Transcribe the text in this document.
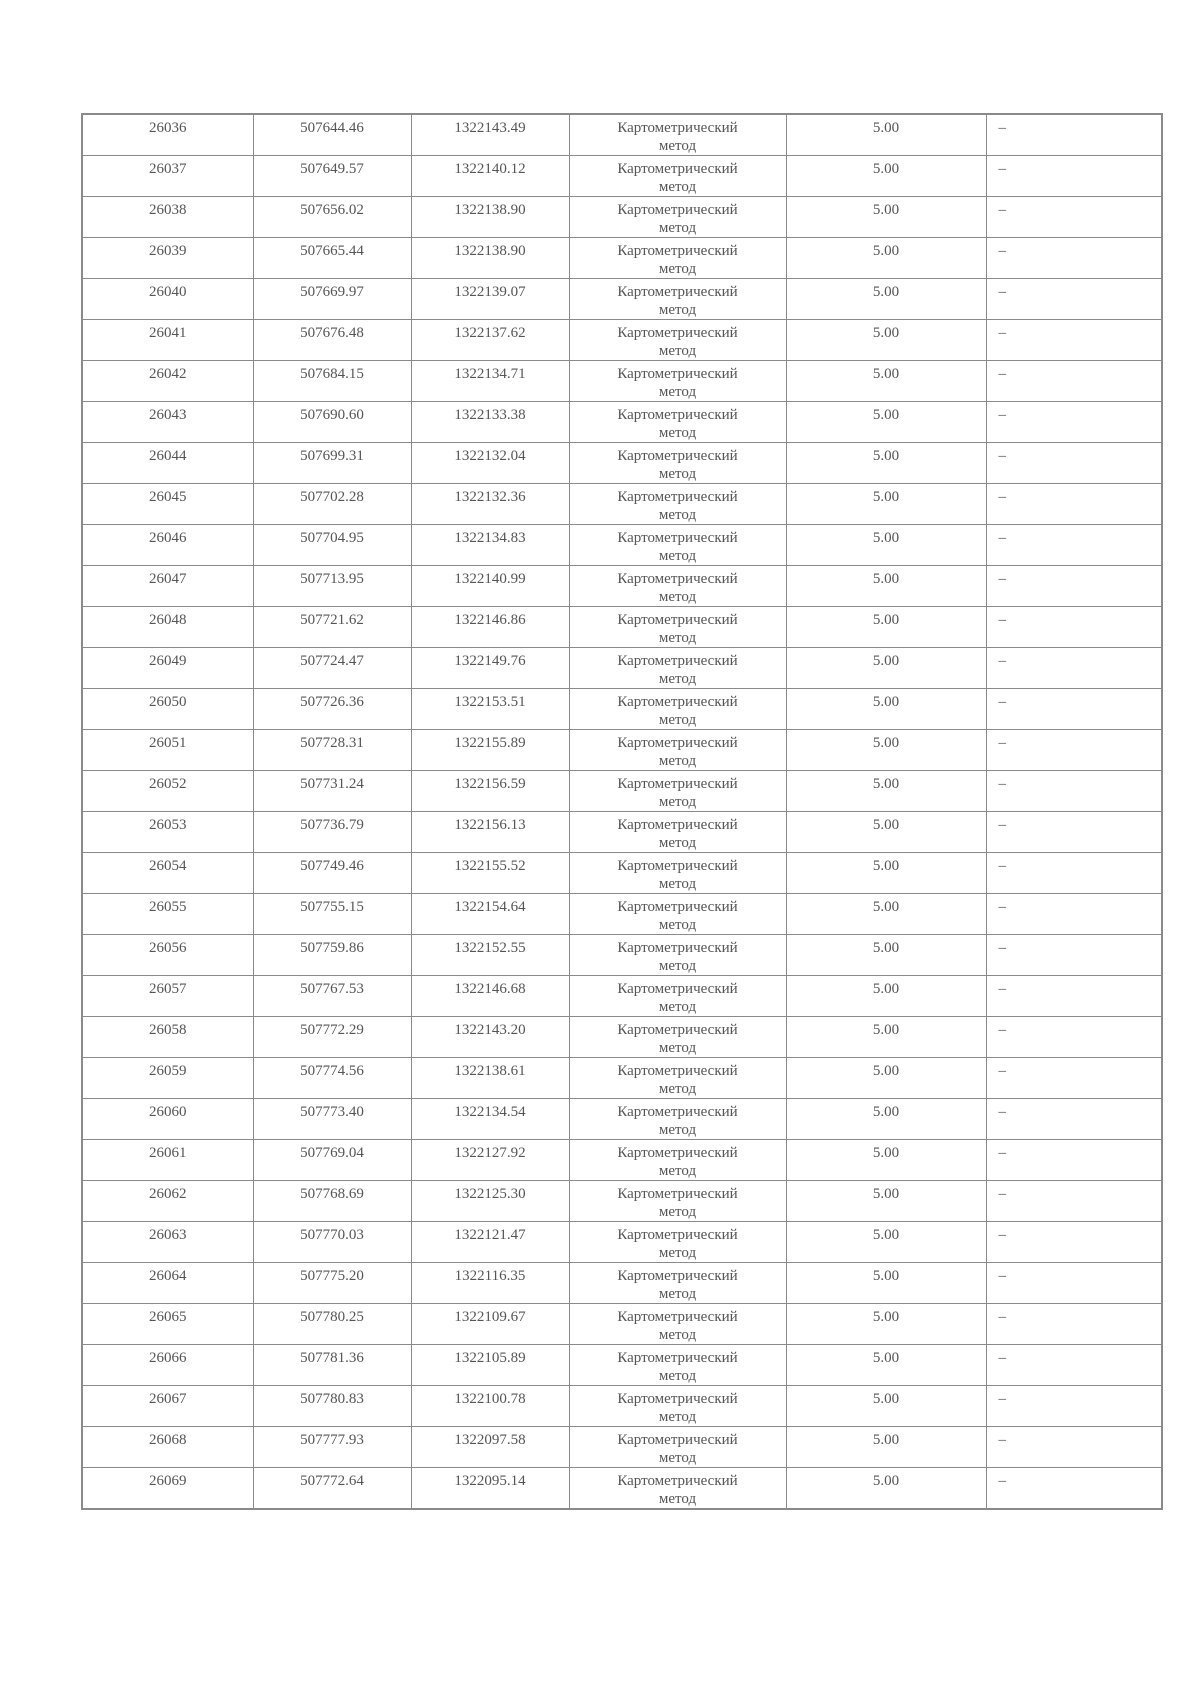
26036	507644.46	1322143.49	Картометрический метод	5.00	–

26037	507649.57	1322140.12	Картометрический метод	5.00	–

26038	507656.02	1322138.90	Картометрический метод	5.00	–

26039	507665.44	1322138.90	Картометрический метод	5.00	–

26040	507669.97	1322139.07	Картометрический метод	5.00	–

26041	507676.48	1322137.62	Картометрический метод	5.00	–

26042	507684.15	1322134.71	Картометрический метод	5.00	–

26043	507690.60	1322133.38	Картометрический метод	5.00	–

26044	507699.31	1322132.04	Картометрический метод	5.00	–

26045	507702.28	1322132.36	Картометрический метод	5.00	–

26046	507704.95	1322134.83	Картометрический метод	5.00	–

26047	507713.95	1322140.99	Картометрический метод	5.00	–

26048	507721.62	1322146.86	Картометрический метод	5.00	–

26049	507724.47	1322149.76	Картометрический метод	5.00	–

26050	507726.36	1322153.51	Картометрический метод	5.00	–

26051	507728.31	1322155.89	Картометрический метод	5.00	–

26052	507731.24	1322156.59	Картометрический метод	5.00	–

26053	507736.79	1322156.13	Картометрический метод	5.00	–

26054	507749.46	1322155.52	Картометрический метод	5.00	–

26055	507755.15	1322154.64	Картометрический метод	5.00	–

26056	507759.86	1322152.55	Картометрический метод	5.00	–

26057	507767.53	1322146.68	Картометрический метод	5.00	–

26058	507772.29	1322143.20	Картометрический метод	5.00	–

26059	507774.56	1322138.61	Картометрический метод	5.00	–

26060	507773.40	1322134.54	Картометрический метод	5.00	–

26061	507769.04	1322127.92	Картометрический метод	5.00	–

26062	507768.69	1322125.30	Картометрический метод	5.00	–

26063	507770.03	1322121.47	Картометрический метод	5.00	–

26064	507775.20	1322116.35	Картометрический метод	5.00	–

26065	507780.25	1322109.67	Картометрический метод	5.00	–

26066	507781.36	1322105.89	Картометрический метод	5.00	–

26067	507780.83	1322100.78	Картометрический метод	5.00	–

26068	507777.93	1322097.58	Картометрический метод	5.00	–

26069	507772.64	1322095.14	Картометрический метод	5.00	–
